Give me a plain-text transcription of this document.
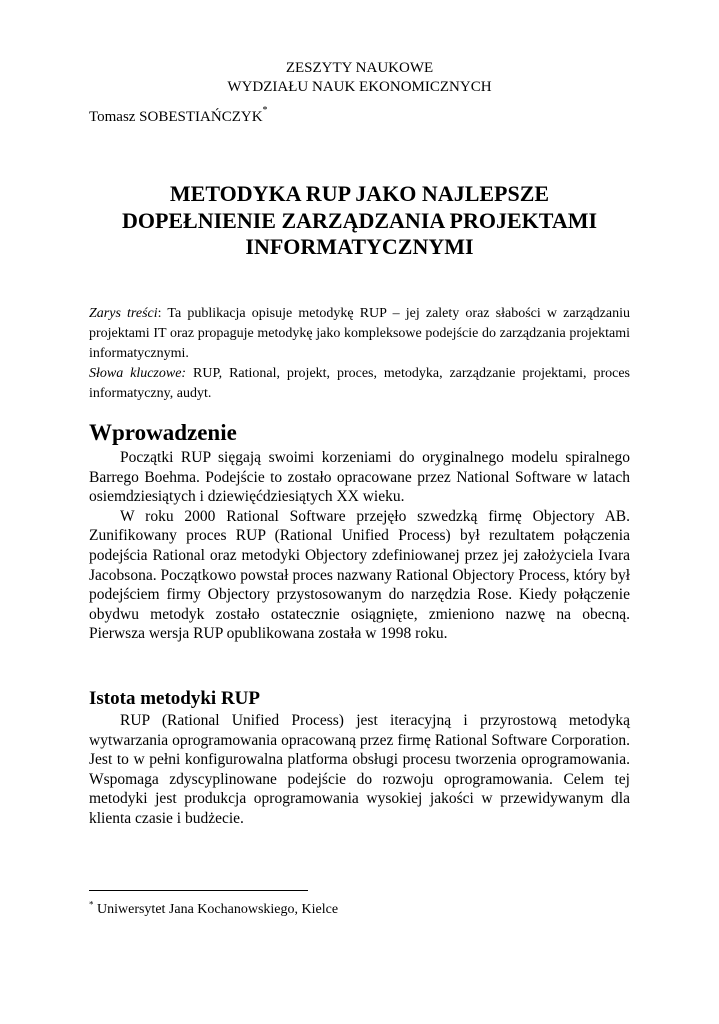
ZESZYTY NAUKOWE
WYDZIAŁU NAUK EKONOMICZNYCH
Tomasz SOBESTIAŃCZYK*
METODYKA RUP JAKO NAJLEPSZE
DOPEŁNIENIE ZARZĄDZANIA PROJEKTAMI
INFORMATYCZNYMI

Zarys treści: Ta publikacja opisuje metodykę RUP – jej zalety oraz słabości w zarządzaniu projektami IT oraz propaguje metodykę jako kompleksowe podejście do zarządzania projektami informatycznymi.

Słowa kluczowe: RUP, Rational, projekt, proces, metodyka, zarządzanie projektami, proces informatyczny, audyt.

Wprowadzenie

Początki RUP sięgają swoimi korzeniami do oryginalnego modelu spiralnego Barrego Boehma. Podejście to zostało opracowane przez National Software w latach osiemdziesiątych i dziewięćdziesiątych XX wieku.

W roku 2000 Rational Software przejęło szwedzką firmę Objectory AB. Zunifikowany proces RUP (Rational Unified Process) był rezultatem połączenia podejścia Rational oraz metodyki Objectory zdefiniowanej przez jej założyciela Ivara Jacobsona. Początkowo powstał proces nazwany Rational Objectory Process, który był podejściem firmy Objectory przystosowanym do narzędzia Rose. Kiedy połączenie obydwu metodyk zostało ostatecznie osiągnięte, zmieniono nazwę na obecną. Pierwsza wersja RUP opublikowana została w 1998 roku.

Istota metodyki RUP

RUP (Rational Unified Process) jest iteracyjną i przyrostową metodyką wytwarzania oprogramowania opracowaną przez firmę Rational Software Corporation. Jest to w pełni konfigurowalna platforma obsługi procesu tworzenia oprogramowania. Wspomaga zdyscyplinowane podejście do rozwoju oprogramowania. Celem tej metodyki jest produkcja oprogramowania wysokiej jakości w przewidywanym dla klienta czasie i budżecie.

* Uniwersytet Jana Kochanowskiego, Kielce
